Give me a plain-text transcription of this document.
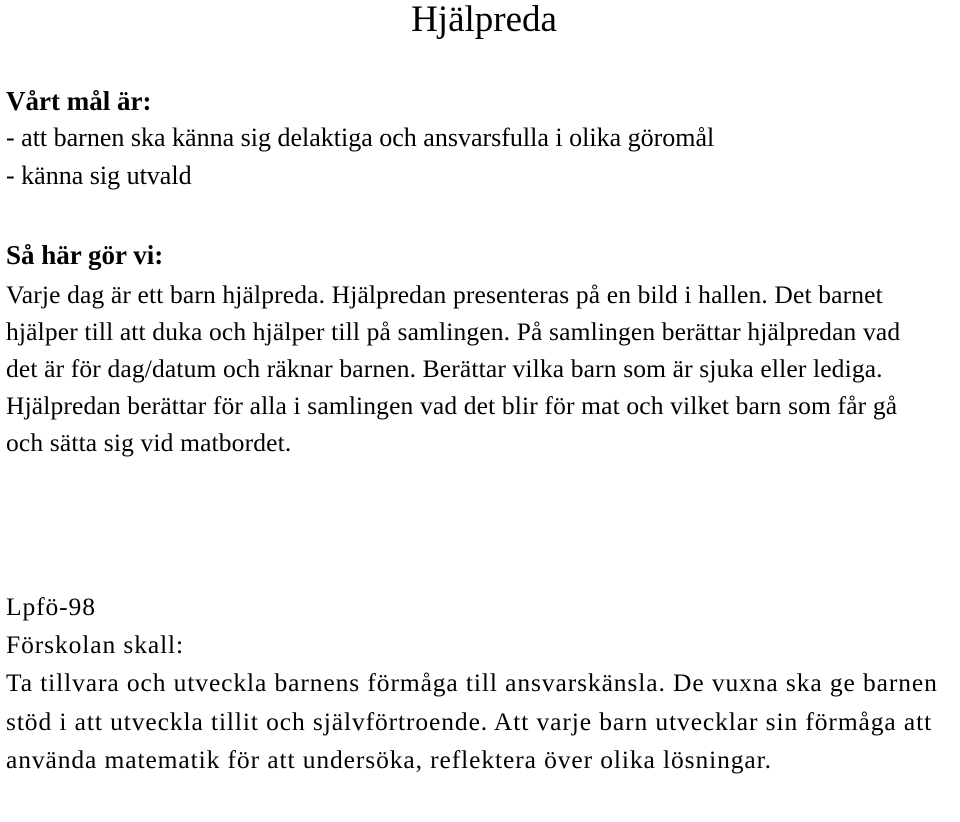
Hjälpreda
Vårt mål är:
- att barnen ska känna sig delaktiga och ansvarsfulla i olika göromål
- känna sig utvald
Så här gör vi:

Varje dag är ett barn hjälpreda. Hjälpredan presenteras på en bild i hallen. Det barnet hjälper till att duka och hjälper till på samlingen. På samlingen berättar hjälpredan vad det är för dag/datum och räknar barnen. Berättar vilka barn som är sjuka eller lediga. Hjälpredan berättar för alla i samlingen vad det blir för mat och vilket barn som får gå och sätta sig vid matbordet.

Lpfö-98
Förskolan skall:

Ta tillvara och utveckla barnens förmåga till ansvarskänsla. De vuxna ska ge barnen stöd i att utveckla tillit och självförtroende. Att varje barn utvecklar sin förmåga att använda matematik för att undersöka, reflektera över olika lösningar.
